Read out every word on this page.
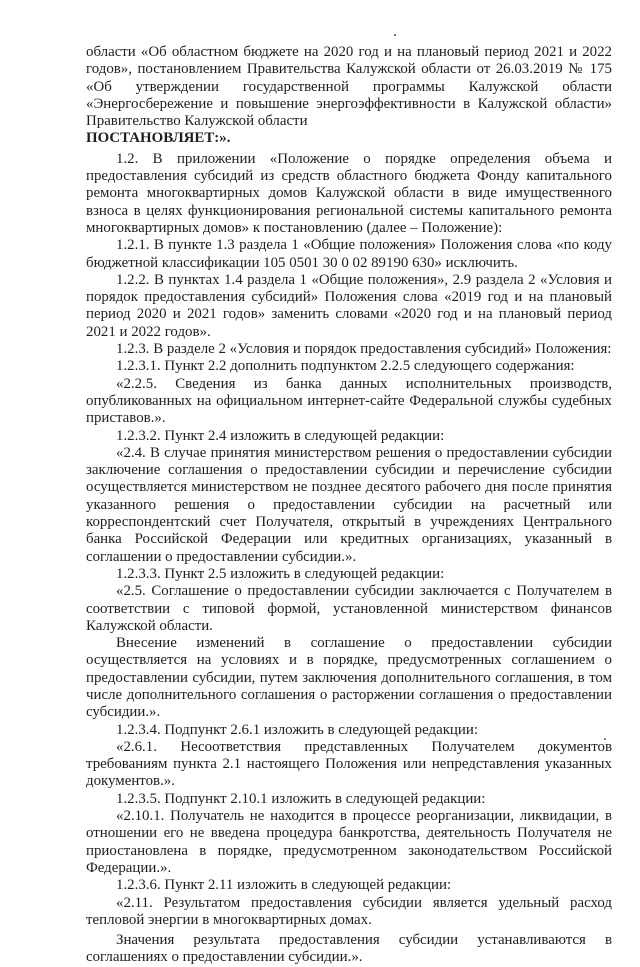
области «Об областном бюджете на 2020 год и на плановый период 2021 и 2022 годов», постановлением Правительства Калужской области от 26.03.2019 № 175 «Об утверждении государственной программы Калужской области «Энергосбережение и повышение энергоэффективности в Калужской области» Правительство Калужской области

ПОСТАНОВЛЯЕТ:».

1.2. В приложении «Положение о порядке определения объема и предоставления субсидий из средств областного бюджета Фонду капитального ремонта многоквартирных домов Калужской области в виде имущественного взноса в целях функционирования региональной системы капитального ремонта многоквартирных домов» к постановлению (далее – Положение):

1.2.1. В пункте 1.3 раздела 1 «Общие положения» Положения слова «по коду бюджетной классификации 105 0501 30 0 02 89190 630» исключить.

1.2.2. В пунктах 1.4 раздела 1 «Общие положения», 2.9 раздела 2 «Условия и порядок предоставления субсидий» Положения слова «2019 год и на плановый период 2020 и 2021 годов» заменить словами «2020 год и на плановый период 2021 и 2022 годов».

1.2.3. В разделе 2 «Условия и порядок предоставления субсидий» Положения:

1.2.3.1. Пункт 2.2 дополнить подпунктом 2.2.5 следующего содержания:

«2.2.5. Сведения из банка данных исполнительных производств, опубликованных на официальном интернет-сайте Федеральной службы судебных приставов.».

1.2.3.2. Пункт 2.4 изложить в следующей редакции:

«2.4. В случае принятия министерством решения о предоставлении субсидии заключение соглашения о предоставлении субсидии и перечисление субсидии осуществляется министерством не позднее десятого рабочего дня после принятия указанного решения о предоставлении субсидии на расчетный или корреспондентский счет Получателя, открытый в учреждениях Центрального банка Российской Федерации или кредитных организациях, указанный в соглашении о предоставлении субсидии.».

1.2.3.3. Пункт 2.5 изложить в следующей редакции:

«2.5. Соглашение о предоставлении субсидии заключается с Получателем в соответствии с типовой формой, установленной министерством финансов Калужской области.

Внесение изменений в соглашение о предоставлении субсидии осуществляется на условиях и в порядке, предусмотренных соглашением о предоставлении субсидии, путем заключения дополнительного соглашения, в том числе дополнительного соглашения о расторжении соглашения о предоставлении субсидии.».

1.2.3.4. Подпункт 2.6.1 изложить в следующей редакции:

«2.6.1. Несоответствия представленных Получателем документов требованиям пункта 2.1 настоящего Положения или непредставления указанных документов.».

1.2.3.5. Подпункт 2.10.1 изложить в следующей редакции:

«2.10.1. Получатель не находится в процессе реорганизации, ликвидации, в отношении его не введена процедура банкротства, деятельность Получателя не приостановлена в порядке, предусмотренном законодательством Российской Федерации.».

1.2.3.6. Пункт 2.11 изложить в следующей редакции:

«2.11. Результатом предоставления субсидии является удельный расход тепловой энергии в многоквартирных домах.

Значения результата предоставления субсидии устанавливаются в соглашениях о предоставлении субсидии.».
